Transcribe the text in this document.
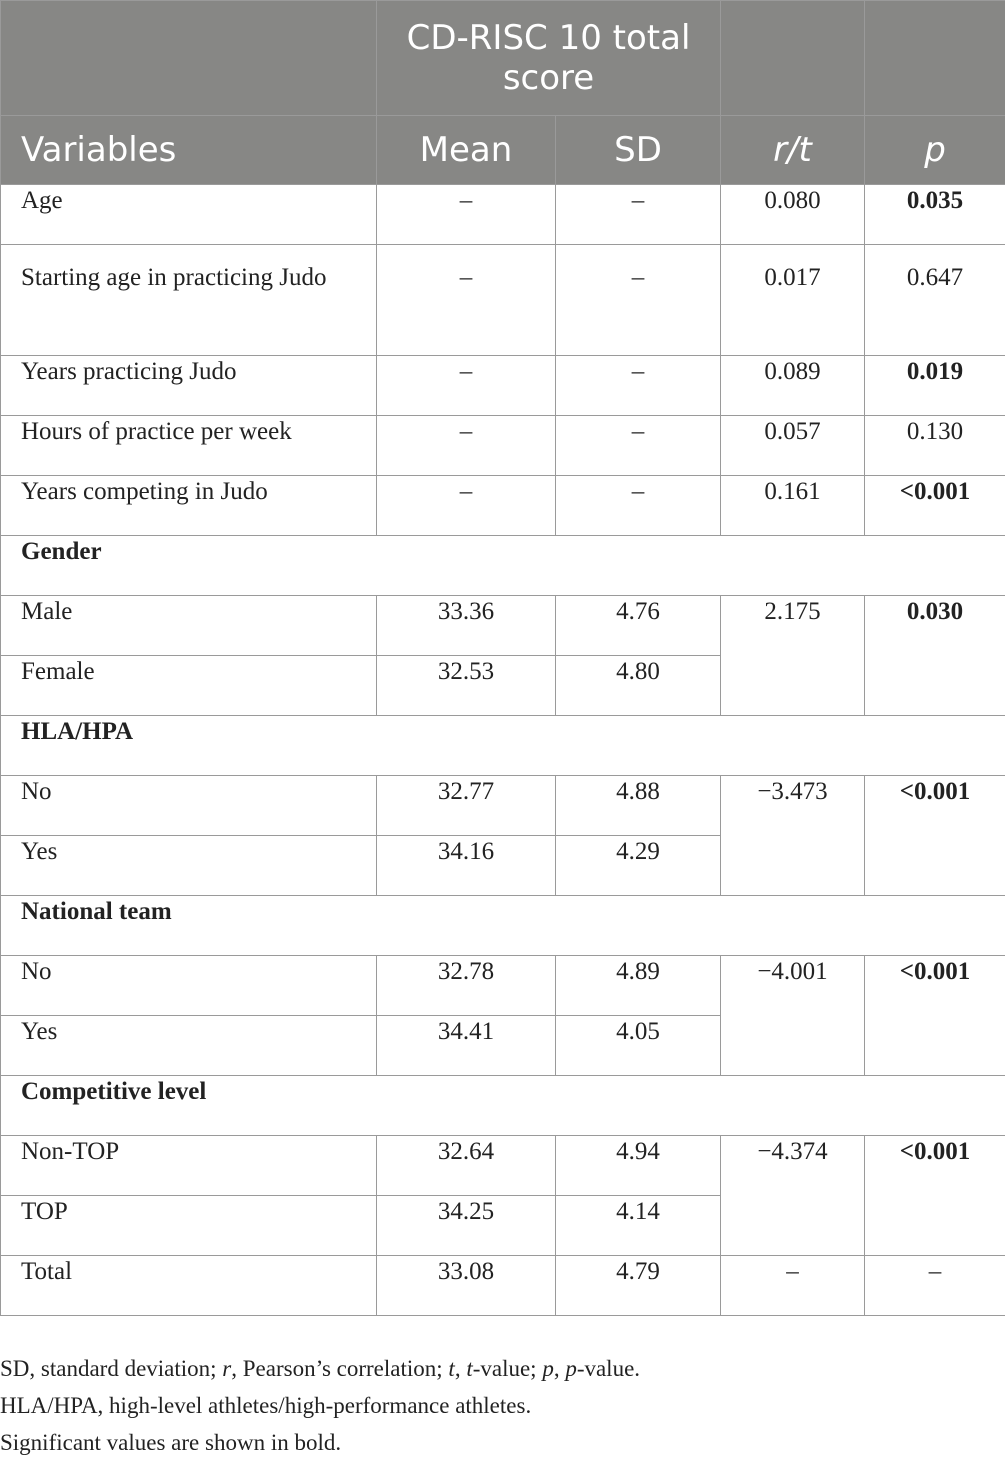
	CD-RISC 10 total score			
Variables	Mean	SD	r/t	p
Age	–	–	0.080	0.035
Starting age in practicing Judo	–	–	0.017	0.647
Years practicing Judo	–	–	0.089	0.019
Hours of practice per week	–	–	0.057	0.130
Years competing in Judo	–	–	0.161	<0.001
Gender				
Male	33.36	4.76	2.175	0.030
Female	32.53	4.80		
HLA/HPA				
No	32.77	4.88	−3.473	<0.001
Yes	34.16	4.29		
National team				
No	32.78	4.89	−4.001	<0.001
Yes	34.41	4.05		
Competitive level				
Non-TOP	32.64	4.94	−4.374	<0.001
TOP	34.25	4.14		
Total	33.08	4.79	–	–

SD, standard deviation; r, Pearson’s correlation; t, t-value; p, p-value.

HLA/HPA, high-level athletes/high-performance athletes.

Significant values are shown in bold.
